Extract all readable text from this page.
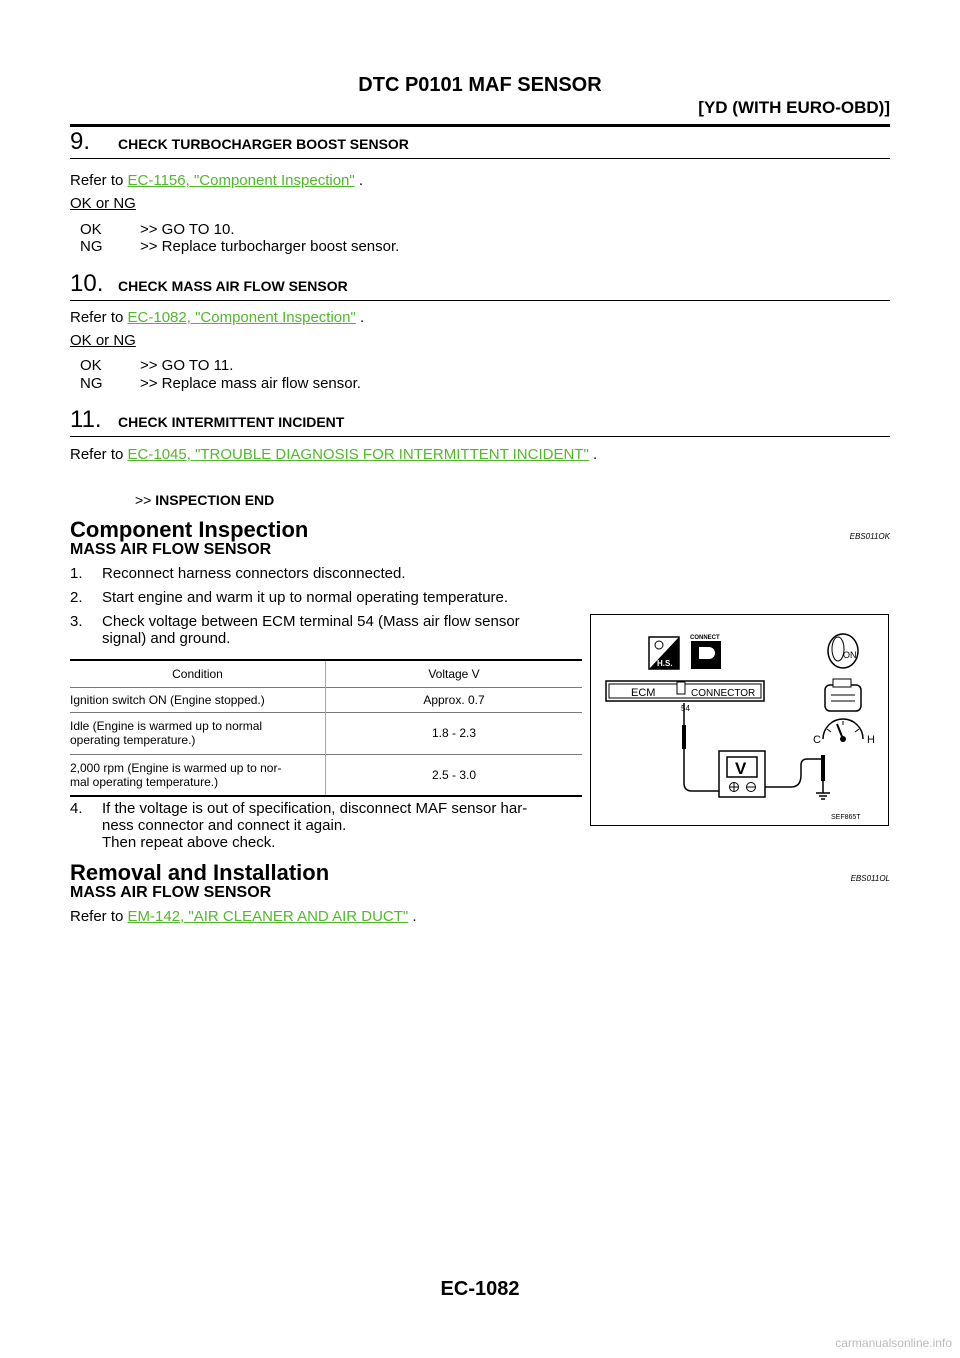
DTC P0101 MAF SENSOR
[YD (WITH EURO-OBD)]
9. CHECK TURBOCHARGER BOOST SENSOR
Refer to EC-1156, "Component Inspection" .
OK or NG
OK	>> GO TO 10.
NG	>> Replace turbocharger boost sensor.
10. CHECK MASS AIR FLOW SENSOR
Refer to EC-1082, "Component Inspection" .
OK or NG
OK	>> GO TO 11.
NG	>> Replace mass air flow sensor.
11. CHECK INTERMITTENT INCIDENT
Refer to EC-1045, "TROUBLE DIAGNOSIS FOR INTERMITTENT INCIDENT" .
>> INSPECTION END
Component Inspection	EBS011OK
MASS AIR FLOW SENSOR
1. Reconnect harness connectors disconnected.
2. Start engine and warm it up to normal operating temperature.
3. Check voltage between ECM terminal 54 (Mass air flow sensor
signal) and ground.
Condition	Voltage V
Ignition switch ON (Engine stopped.)	Approx. 0.7
Idle (Engine is warmed up to normal
operating temperature.)	1.8 - 2.3
2,000 rpm (Engine is warmed up to nor-
mal operating temperature.)	2.5 - 3.0
4. If the voltage is out of specification, disconnect MAF sensor har-
ness connector and connect it again.
Then repeat above check.
H.S.
CONNECT
ON
C	H
ECM	CONNECTOR
54
V
SEF865T
Removal and Installation	EBS011OL
MASS AIR FLOW SENSOR
Refer to EM-142, "AIR CLEANER AND AIR DUCT" .
EC-1082
carmanualsonline.info
